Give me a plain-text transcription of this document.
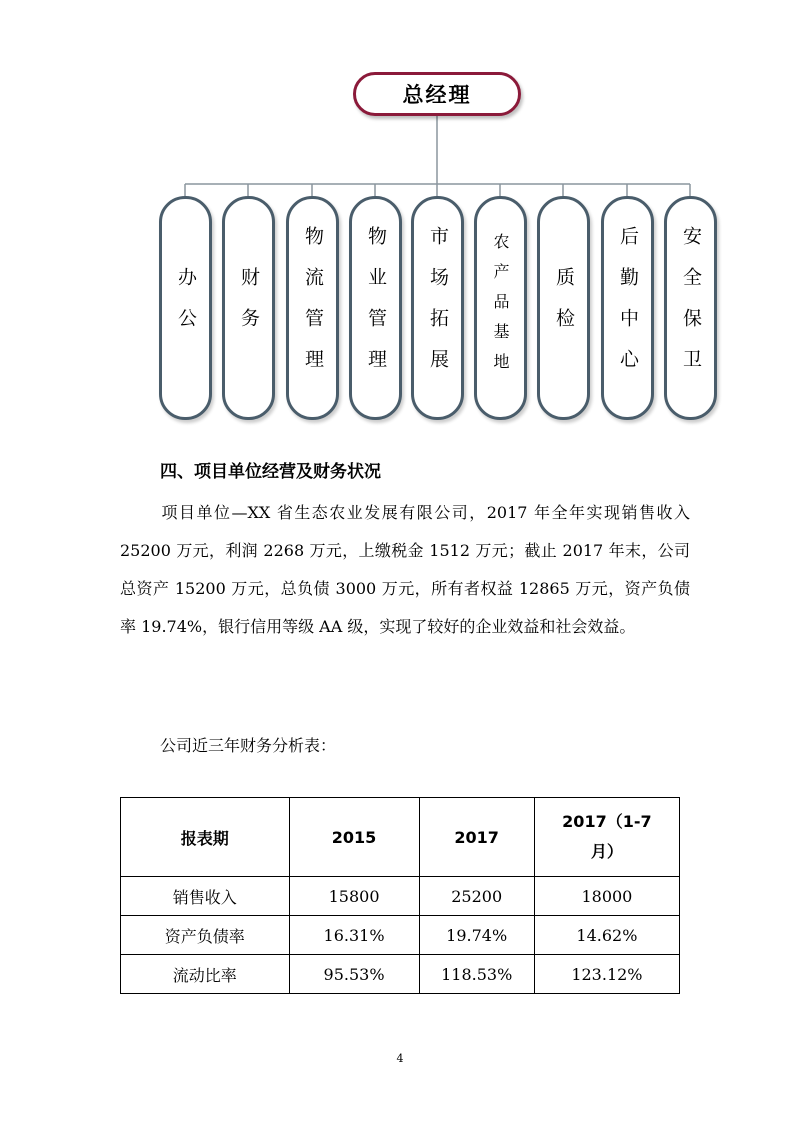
总经理
办公	财务	物流管理	物业管理	市场拓展	农产品基地	质检	后勤中心	安全保卫
四、项目单位经营及财务状况
项目单位—XX 省生态农业发展有限公司，2017 年全年实现销售收入 25200 万元，利润 2268 万元，上缴税金 1512 万元；截止 2017 年末，公司总资产 15200 万元，总负债 3000 万元，所有者权益 12865 万元，资产负债率 19.74%，银行信用等级 AA 级，实现了较好的企业效益和社会效益。
公司近三年财务分析表：
报表期	2015	2017	2017（1-7月）

销售收入	15800	25200	18000
资产负债率	16.31%	19.74%	14.62%
流动比率	95.53%	118.53%	123.12%
4
